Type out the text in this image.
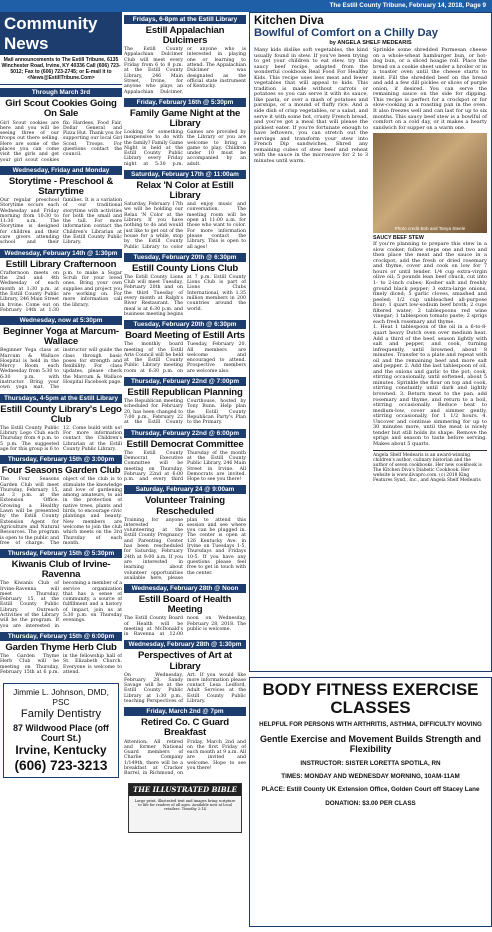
The Estill County Tribune, February 14, 2018, Page 9
Community News
Mail announcements to The Estill Tribune, 6135 Winchester Road, Irvine, KY 40336 Call (606) 723-5012; Fax to (606) 723-2745; or E-mail it to <News@EstillTribune.Com>
Through March 3rd
Girl Scout Cookies Going On Sale
Girl Scout cookies are here and you will be seeing three of our troops out there selling. Here are some of the places you can come visit the girls and get your girl scout cookies fix: Hardees, Food Fair, Dollar General and Pizza Hut. Thank you for supporting our local Girl Scout Troops. For questions contact the council.
Wednesday, Friday and Monday
Storytime - Preschool & Starrytime
Our regular preschool Storytime occurs each Wednesday and Friday morning from 10:30 to 11:30 a.m. The Storytime is designed for children and their care givers attending school and their families. It is a variation of our traditional storytime with activities for both the small and the tall. For more information contact the Children's Librarian at the Estill County Public Library.
Wednesday, February 14th @ 1:30pm
Estill Library Crafternoon
Crafternoon meets on the 2nd and 4th Wednesday of each month at 1:30 p.m. at the Estill County Public Library, 246 Main Street in Irvine. Come out on February 14th at 1:30 p.m. to make a Sugar Scrub for your loved ones. Bring your own supplies and project you are working on. For more information call the library.
Wednesday, now at 5:30pm
Beginner Yoga at Marcum-Wallace
Beginner Yoga class at Marcum & Wallace Hospital is held in the Mercy Room each Wednesday from 5:30 to 6:30 p.m. with instructor. Bring your own yoga mat. The instructor will guide the class through basic poses for strength and flexibility. For class updates, please check the Marcum & Wallace Hospital Facebook page.
Thursdays, 4-5pm at the Estill Library
Estill County Library's Lego Club
The Estill County Public Library Lego Club each Thursday from 4 p.m. to 5 p.m. The suggested age for this group is 6 to 12. Come build with us! For more information contact the Children's Librarian at the Estill County Public Library.
Thursday, February 15th @ 3:00pm
Four Seasons Garden Club
The Four Seasons Garden Club will meet Thursday, February 15, at 3 p.m. at the Extension Office. Growing a Healthy Lawn will be presented by the Estill County Extension Agent for Agriculture and Natural Resources. The program is open to the public and free of charge. The object of the club is to stimulate the knowledge and love of gardening among amateurs, to aid in the protection of native trees, plants and birds, to encourage civic plantings and beauty. New members are welcome to join the club which meets on the 3rd Thursday of each month.
Thursday, February 15th @ 5:30pm
Kiwanis Club of Irvine-Ravenna
The Kiwanis Club of Irvine-Ravenna will meet Thursday, February 15, at the Estill County Public Library. Outreach Activities of the Library will be the program. If you are interested in becoming a member of a service organization that has a sense of community, a source of fulfillment and a history of impact, join us at 5:30 p.m. on Thursday evenings.
Thursday, February 15th @ 6:00pm
Garden Thyme Herb Club
The Garden Thyme Herb Club will be meeting on Thursday, February 15th at 6 p.m. in the fellowship hall of St. Elizabeth Church. Everyone is welcome to attend.
Jimmie L. Johnson, DMD, PSC
Family Dentistry
87 Wildwood Place (off Court St.)
Irvine, Kentucky
(606) 723-3213
Fridays, 6-8pm at the Estill Library
Estill Appalachian Dulcimers
The Estill County Appalachian Dulcimer Club will meet every Friday from 6 to 8 p.m. at the Estill County Library, 246 Main Street, Irvine, for anyone who plays an Appalachian Dulcimer, or anyone who is interested in playing one or learning to attend. The Appalachian Dulcimer was designated as the official state instrument of Kentucky.
Friday, February 16th @ 5:30pm
Family Game Night at the Library
Looking for something inexpensive to do with the family? Family Game Night is held at the Estill County Public Library every Friday night at 5:30 p.m. Games are provided by the Library or you are welcome to bring a game to play. Children under 10 must be accompanied by an adult.
Saturday, February 17th @ 11:00am
Relax 'N Color at Estill Library
Saturday, February 17th we will be holding our Relax 'N Color at the Library. If you have nothing to do and would just like to get out of the house for a while, stop by the Estill County Public Library to color and enjoy music and conversation. The meeting room will be open at 11:00 a.m. for those who want to color. For more information please contact the Library. This is open to all ages!
Tuesday, February 20th @ 6:30pm
Estill County Lions Club
The Estill County Lions Club will meet Tuesday, February 20th and on the third Tuesday of every month at Ralph's River Restaurant. The meal is at 6:30 p.m. and business meeting begins at 7 p.m. Estill County Lions Club is part of Lions Clubs International, with 1.35 million members in 200 countries around the world.
Tuesday, February 20th @ 6:30pm
Board Meeting of Estill Arts
The monthly board meeting of the Estill Arts Council will be held at the Estill County Public Library meeting room at 6:30 p.m. on Tuesday, February 20. All members are welcome and encouraged to attend. Prospective members are welcome also.
Thursday, February 22nd @ 7:00pm
Estill Republican Planning
The Republican meeting scheduled for February 20, has been changed to 7:00 p.m., February 22 at the Estill County Courthouse, hosted by Tony Bunn. Help plan the Estill County Republican Party's Plan to the Primary.
Thursday, February 22nd @ 6:00pm
Estill Democrat Committee
The Estill County Democrat Executive Committee will be meeting on Thursday, February 22nd at 6:00 p.m. and every third Thursday of the month at the Estill County Public Library, 246 Main Street in Irvine. All Democrats are invited. Hope to see you there!
Saturday, February 24 @ 9:00am
Volunteer Training Rescheduled
Training for anyone interested in volunteering at the Estill County Pregnancy and Parenting Center has been rescheduled for Saturday, February 24th at 9:00 a.m. If you are interested in learning about volunteer opportunities available here, please plan to attend this session and see where you can be plugged in. The center is open at 126 Kentucky Ave. in Irvine on Tuesdays 1-5, Thursdays and Fridays 10-5. If you have any questions please feel free to get in touch with the center.
Wednesday, February 28th @ Noon
Estill Board of Health Meeting
The Estill County Board of Health will be meeting at McDonald's in Ravenna at 12:00 noon on Wednesday, February 28, 2018. The public is welcome.
Wednesday, February 28th @ 1:30pm
Perspectives of Art at Library
On Wednesday, February 28, Sandy Savage will be at the Estill County Public Library at 1:30 p.m., teaching Perspectives of Art. If you would like more information please contact Lesa Ledford, Adult Services at the Estill County Public Library.
Friday, March 2nd @ 7pm
Retired Co. C Guard Breakfast
Attention: All retired and former National Guard members of Charlie Company 1/149th, there will be a breakfast at Cracker Barrel, in Richmond, on Friday, March 2nd and on the first Friday of each month at 9 a.m. All are invited and welcome. Hope to see you there!
THE ILLUSTRATED BIBLE
Large print, illustrated text and images bring scripture to life for readers of all ages. Available now at local retailers. Timothy 2:14
Kitchen Diva
Bowlful of Comfort on a Chilly Day
by ANGELA SHELF MEDEARIS

Many kids dislike soft vegetables, the kind usually found in stew. If you've been trying to get your children to eat stew, try this saucy beef recipe, adapted from the wonderful cookbook Real Food For Healthy Kids. This recipe uses less meat and fewer vegetables that will appeal to kids. This tradition is made without carrots or potatoes so you can serve it with its sauce, like pasta, or over a mash of potatoes and parsnips, or a mound of fluffy rice. And a side dish of crisp vegetables, or a salad, and serve it with some hot, crusty French bread, and you've got a meal that will please the pickiest eater. If you're fortunate enough to have leftovers, you can stretch out the servings and transform your stew into French Dip sandwiches. Shred any remaining cubes of stew beef and reheat with the sauce in the microwave for 2 to 3 minutes until warm.

Sprinkle some shredded Parmesan cheese on a whole-wheat hamburger bun, or hot-dog bun, or a sliced hoagie roll. Place the bread on a cookie sheet under a broiler or in a toaster oven until the cheese starts to melt. Fill the shredded beef on the bread and add a few dill pickles or slices of purple onion, if desired. You can serve the remaining sauce on the side for dipping. This recipe is perfect for a crockpot or for slow-cooking in a roasting pan in the oven. It also freezes well and can last for up to six months. This saucy beef stew is a bowlful of comfort on a cold day, or it makes a hearty sandwich for supper on a warm one.

Photo credit Bob and Tanya Steele
SAUCY BEEF STEW

If you're planning to prepare this stew in a slow cooker, follow steps one and two and then place the meat and the sauce in a crockpot, add the fresh or dried rosemary and thyme, cover and cook on low for 7 hours or until tender. 1/4 cup extra-virgin olive oil; 5 pounds lean beef chuck, cut into 1- to 2-inch cubes; Kosher salt and freshly ground black pepper; 3 extra-large onions, finely diced; 5 garlic cloves, smashed and peeled; 1/2 cup unbleached all-purpose flour; 1 quart low-sodium beef broth; 2 cups filtered water; 2 tablespoons red wine vinegar; 1 tablespoon tomato paste; 2 sprigs each fresh rosemary and thyme.

1. Heat 1 tablespoon of the oil in a 6-to-8-quart heavy Dutch oven over medium heat. Add a third of the beef, season lightly with salt and pepper, and cook, turning infrequently, until browned, about 8 minutes. Transfer to a plate and repeat with oil and the remaining beef and more salt and pepper. 2. Add the last tablespoon of oil, and the onions and garlic to the pot; cook, stirring occasionally, until softened, about 5 minutes. Sprinkle the flour on top and cook, stirring constantly until dark and lightly browned. 3. Return meat to the pan, add rosemary and thyme, and return to a boil, stirring occasionally. Reduce heat to medium-low, cover and simmer gently, stirring occasionally, for 1 1/2 hours. 4. Uncover and continue simmering for up to 30 minutes more, until the meat is nicely tender but still holds its shape. Remove the sprigs and season to taste before serving. Makes about 5 quarts.

Angela Shelf Medearis is an award-winning children's author, culinary historian and the author of seven cookbooks. Her new cookbook is The Kitchen Diva's Diabetic Cookbook. Her website is www.divapro.com. (c) 2018 King Features Synd., Inc., and Angela Shelf Medearis

BODY FITNESS EXERCISE CLASSES
HELPFUL FOR PERSONS WITH ARTHRITIS, ASTHMA, DIFFICULTY MOVING
Gentle Exercise and Movement Builds Strength and Flexibility
INSTRUCTOR: SISTER LORETTA SPOTILA, RN
TIMES: MONDAY AND WEDNESDAY MORNING, 10AM-11AM
PLACE: Estill County UK Extension Office, Golden Court off Stacey Lane
DONATION: $3.00 PER CLASS
